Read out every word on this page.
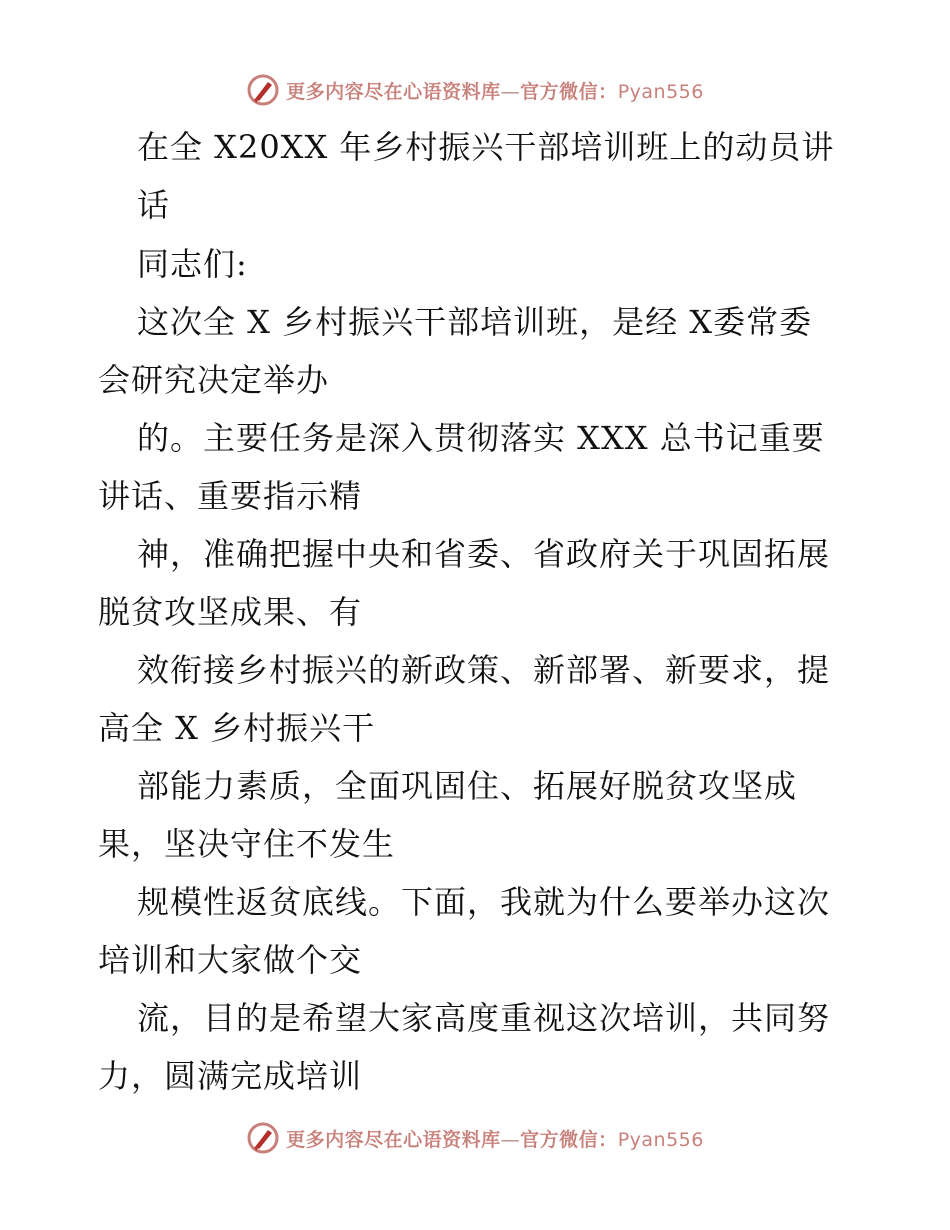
更多内容尽在心语资料库—官方微信：Pyan556
在全 X20XX 年乡村振兴干部培训班上的动员讲
话
同志们:
这次全 X 乡村振兴干部培训班，是经 X委常委
会研究决定举办
的。主要任务是深入贯彻落实 XXX 总书记重要
讲话、重要指示精
神，准确把握中央和省委、省政府关于巩固拓展
脱贫攻坚成果、有
效衔接乡村振兴的新政策、新部署、新要求，提
高全 X 乡村振兴干
部能力素质，全面巩固住、拓展好脱贫攻坚成
果，坚决守住不发生
规模性返贫底线。下面，我就为什么要举办这次
培训和大家做个交
流，目的是希望大家高度重视这次培训，共同努
力，圆满完成培训
更多内容尽在心语资料库—官方微信：Pyan556
